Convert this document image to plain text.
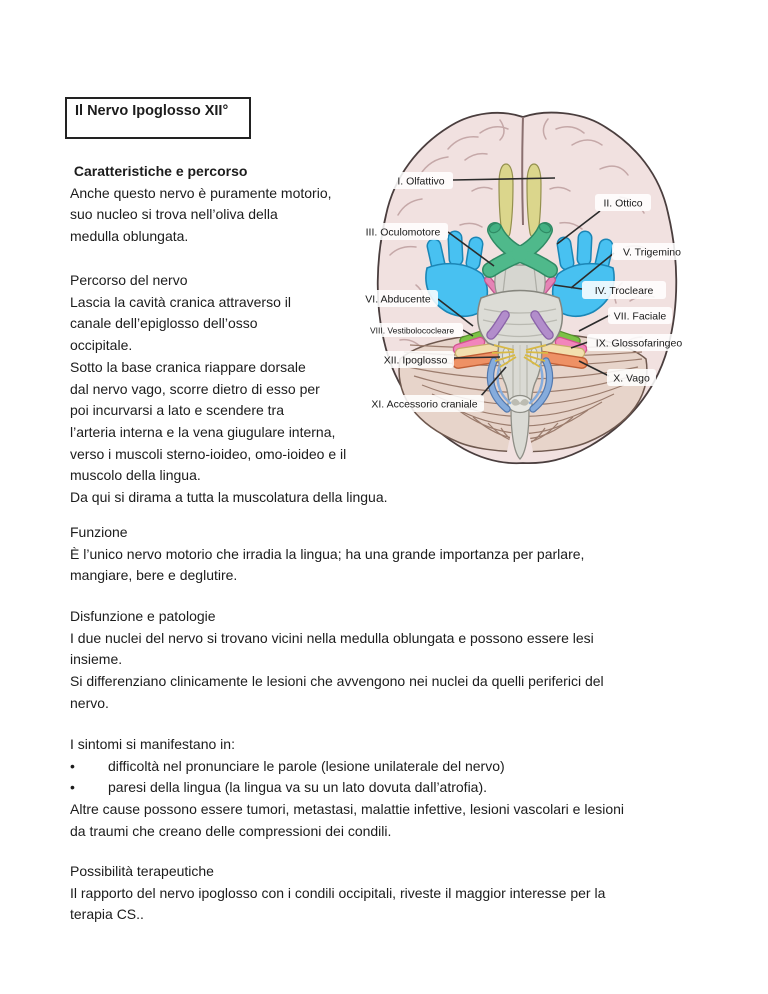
Il Nervo Ipoglosso XII°
Caratteristiche e percorso
Anche questo nervo è puramente motorio,
suo nucleo si trova nell’oliva della
medulla oblungata.
Percorso del nervo
Lascia la cavità cranica attraverso il
canale dell’epiglosso dell’osso
occipitale.
Sotto la base cranica riappare dorsale
dal nervo vago, scorre dietro di esso per
poi incurvarsi a lato e scendere tra
l’arteria interna e la vena giugulare interna,
verso i muscoli sterno-ioideo, omo-ioideo e il
muscolo della lingua.
Da qui si dirama a tutta la muscolatura della lingua.
Funzione
È l’unico nervo motorio che irradia la lingua; ha una grande importanza per parlare,
mangiare, bere e deglutire.
Disfunzione e patologie
I due nuclei del nervo si trovano vicini nella medulla oblungata e possono essere lesi
insieme.
Si differenziano clinicamente le lesioni che avvengono nei nuclei da quelli periferici del
nervo.
I sintomi si manifestano in:
•	difficoltà nel pronunciare le parole (lesione unilaterale del nervo)
•	paresi della lingua (la lingua va su un lato dovuta dall’atrofia).
Altre cause possono essere tumori, metastasi, malattie infettive, lesioni vascolari e lesioni
da traumi che creano delle compressioni dei condili.
Possibilità terapeutiche
Il rapporto del nervo ipoglosso con i condili occipitali, riveste il maggior interesse per la
terapia CS..
I. Olfattivo
II. Ottico
III. Oculomotore
V. Trigemino
IV. Trocleare
VI. Abducente
VII. Faciale
VIII. Vestibolococleare
IX. Glossofaringeo
XII. Ipoglosso
X. Vago
XI. Accessorio craniale
